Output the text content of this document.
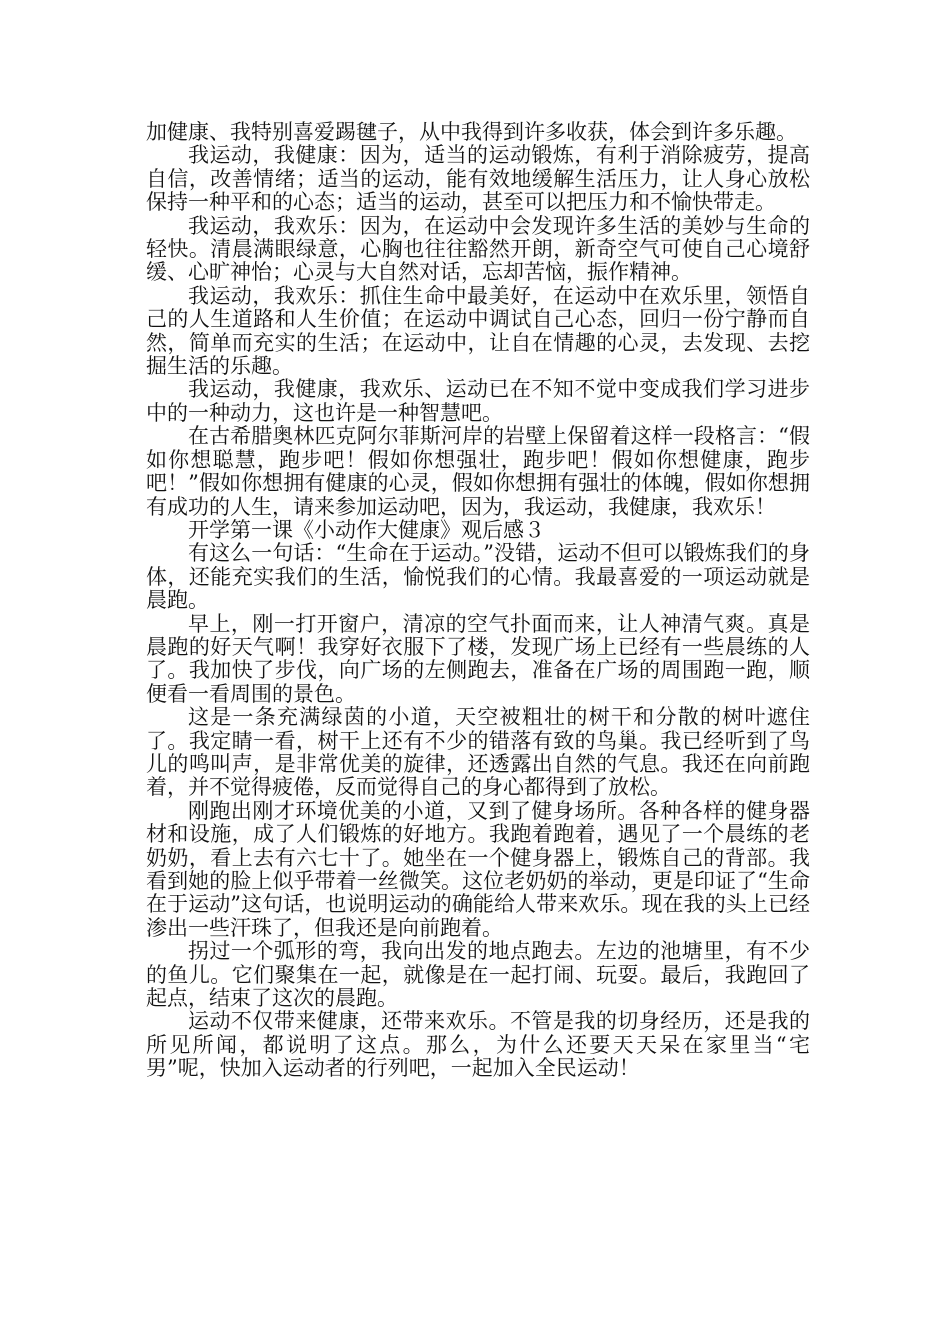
加健康、我特别喜爱踢毽子，从中我得到许多收获，体会到许多乐趣。

我运动，我健康：因为，适当的运动锻炼，有利于消除疲劳，提高自信，改善情绪；适当的运动，能有效地缓解生活压力，让人身心放松保持一种平和的心态；适当的运动，甚至可以把压力和不愉快带走。

我运动，我欢乐：因为，在运动中会发现许多生活的美妙与生命的轻快。清晨满眼绿意，心胸也往往豁然开朗，新奇空气可使自己心境舒缓、心旷神怡；心灵与大自然对话，忘却苦恼，振作精神。

我运动，我欢乐：抓住生命中最美好，在运动中在欢乐里，领悟自己的人生道路和人生价值；在运动中调试自己心态，回归一份宁静而自然，简单而充实的生活；在运动中，让自在情趣的心灵，去发现、去挖掘生活的乐趣。

我运动，我健康，我欢乐、运动已在不知不觉中变成我们学习进步中的一种动力，这也许是一种智慧吧。

在古希腊奥林匹克阿尔菲斯河岸的岩壁上保留着这样一段格言：“假如你想聪慧，跑步吧！假如你想强壮，跑步吧！假如你想健康，跑步吧！”假如你想拥有健康的心灵，假如你想拥有强壮的体魄，假如你想拥有成功的人生，请来参加运动吧，因为，我运动，我健康，我欢乐！

开学第一课《小动作大健康》观后感３

有这么一句话：“生命在于运动。”没错，运动不但可以锻炼我们的身体，还能充实我们的生活，愉悦我们的心情。我最喜爱的一项运动就是晨跑。

早上，刚一打开窗户，清凉的空气扑面而来，让人神清气爽。真是晨跑的好天气啊！我穿好衣服下了楼，发现广场上已经有一些晨练的人了。我加快了步伐，向广场的左侧跑去，准备在广场的周围跑一跑，顺便看一看周围的景色。

这是一条充满绿茵的小道，天空被粗壮的树干和分散的树叶遮住了。我定睛一看，树干上还有不少的错落有致的鸟巢。我已经听到了鸟儿的鸣叫声，是非常优美的旋律，还透露出自然的气息。我还在向前跑着，并不觉得疲倦，反而觉得自己的身心都得到了放松。

刚跑出刚才环境优美的小道，又到了健身场所。各种各样的健身器材和设施，成了人们锻炼的好地方。我跑着跑着，遇见了一个晨练的老奶奶，看上去有六七十了。她坐在一个健身器上，锻炼自己的背部。我看到她的脸上似乎带着一丝微笑。这位老奶奶的举动，更是印证了“生命在于运动”这句话，也说明运动的确能给人带来欢乐。现在我的头上已经渗出一些汗珠了，但我还是向前跑着。

拐过一个弧形的弯，我向出发的地点跑去。左边的池塘里，有不少的鱼儿。它们聚集在一起，就像是在一起打闹、玩耍。最后，我跑回了起点，结束了这次的晨跑。

运动不仅带来健康，还带来欢乐。不管是我的切身经历，还是我的所见所闻，都说明了这点。那么，为什么还要天天呆在家里当“宅男”呢，快加入运动者的行列吧，一起加入全民运动！
